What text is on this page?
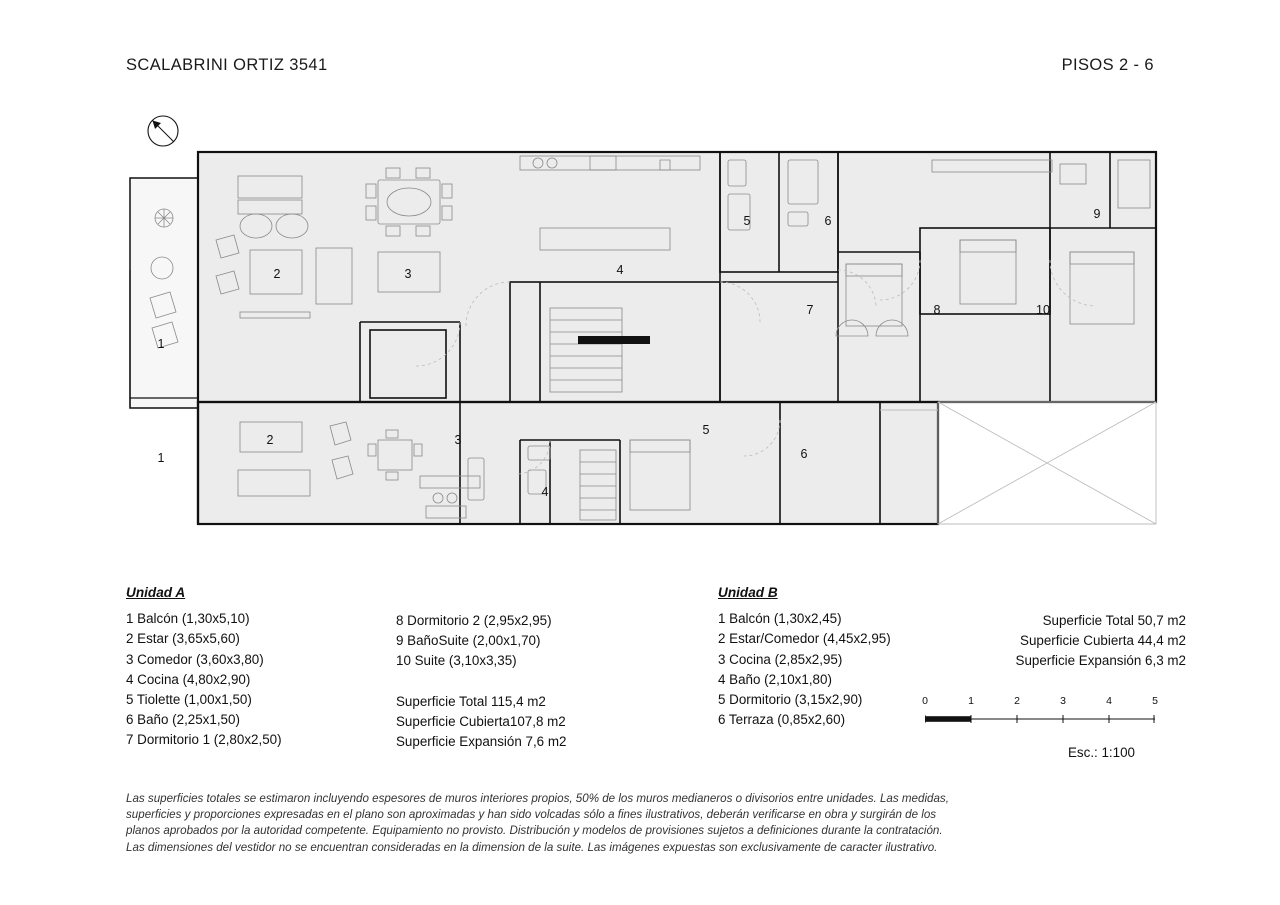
SCALABRINI ORTIZ 3541	PISOS 2 - 6
1
2	3	4
5	6
7	8
9
10
1
2	3
4
5
6
Unidad A
1 Balcón (1,30x5,10)
2 Estar (3,65x5,60)
3 Comedor (3,60x3,80)
4 Cocina (4,80x2,90)
5 Tiolette (1,00x1,50)
6 Baño (2,25x1,50)
7 Dormitorio 1 (2,80x2,50)
8 Dormitorio 2 (2,95x2,95)
9 BañoSuite (2,00x1,70)
10 Suite (3,10x3,35)
Superficie Total 115,4 m2
Superficie Cubierta107,8 m2
Superficie Expansión 7,6 m2
Unidad B
1 Balcón (1,30x2,45)
2 Estar/Comedor (4,45x2,95)
3 Cocina (2,85x2,95)
4 Baño (2,10x1,80)
5 Dormitorio (3,15x2,90)
6 Terraza (0,85x2,60)
Superficie Total 50,7 m2
Superficie Cubierta 44,4 m2
Superficie Expansión 6,3 m2
0	1	2	3	4	5
Esc.: 1:100
Las superficies totales se estimaron incluyendo espesores de muros interiores propios, 50% de los muros medianeros o divisorios entre unidades. Las medidas,
superficies y proporciones expresadas en el plano son aproximadas y han sido volcadas sólo a fines ilustrativos, deberán verificarse en obra y surgirán de los
planos aprobados por la autoridad competente. Equipamiento no provisto. Distribución y modelos de provisiones sujetos a definiciones durante la contratación.
Las dimensiones del vestidor no se encuentran consideradas en la dimension de la suite. Las imágenes expuestas son exclusivamente de caracter ilustrativo.
